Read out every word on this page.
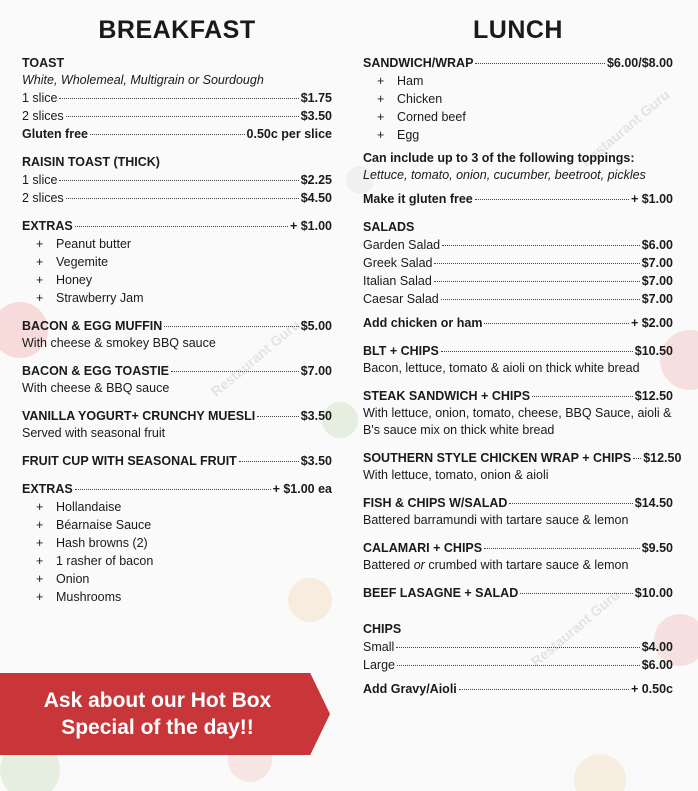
Restaurant Guru
Restaurant Guru
Restaurant Guru
BREAKFAST
TOAST
White, Wholemeal, Multigrain or Sourdough
1 slice	$1.75
2 slices	$3.50
Gluten free	0.50c per slice
RAISIN TOAST (THICK)
1 slice	$2.25
2 slices	$4.50
EXTRAS	+ $1.00
+ Peanut butter
+ Vegemite
+ Honey
+ Strawberry Jam
BACON & EGG MUFFIN	$5.00
With cheese & smokey BBQ sauce
BACON & EGG TOASTIE	$7.00
With cheese & BBQ sauce
VANILLA YOGURT+ CRUNCHY MUESLI	$3.50
Served with seasonal fruit
FRUIT CUP WITH SEASONAL FRUIT	$3.50
EXTRAS	+ $1.00 ea
+ Hollandaise
+ Béarnaise Sauce
+ Hash browns (2)
+ 1 rasher of bacon
+ Onion
+ Mushrooms
LUNCH
SANDWICH/WRAP	$6.00/$8.00
+ Ham
+ Chicken
+ Corned beef
+ Egg
Can include up to 3 of the following toppings:
Lettuce, tomato, onion, cucumber, beetroot, pickles
Make it gluten free	+ $1.00
SALADS
Garden Salad	$6.00
Greek Salad	$7.00
Italian Salad	$7.00
Caesar Salad	$7.00
Add chicken or ham	+ $2.00
BLT + CHIPS	$10.50
Bacon, lettuce, tomato & aioli on thick white bread
STEAK SANDWICH + CHIPS	$12.50
With lettuce, onion, tomato, cheese, BBQ Sauce, aioli & B's sauce mix on thick white bread
SOUTHERN STYLE CHICKEN WRAP + CHIPS $12.50
With lettuce, tomato, onion & aioli
FISH & CHIPS W/SALAD	$14.50
Battered barramundi with tartare sauce & lemon
CALAMARI + CHIPS	$9.50
Battered or crumbed with tartare sauce & lemon
BEEF LASAGNE + SALAD	$10.00
CHIPS
Small	$4.00
Large	$6.00
Add Gravy/Aioli	+ 0.50c
Ask about our Hot Box
Special of the day!!
